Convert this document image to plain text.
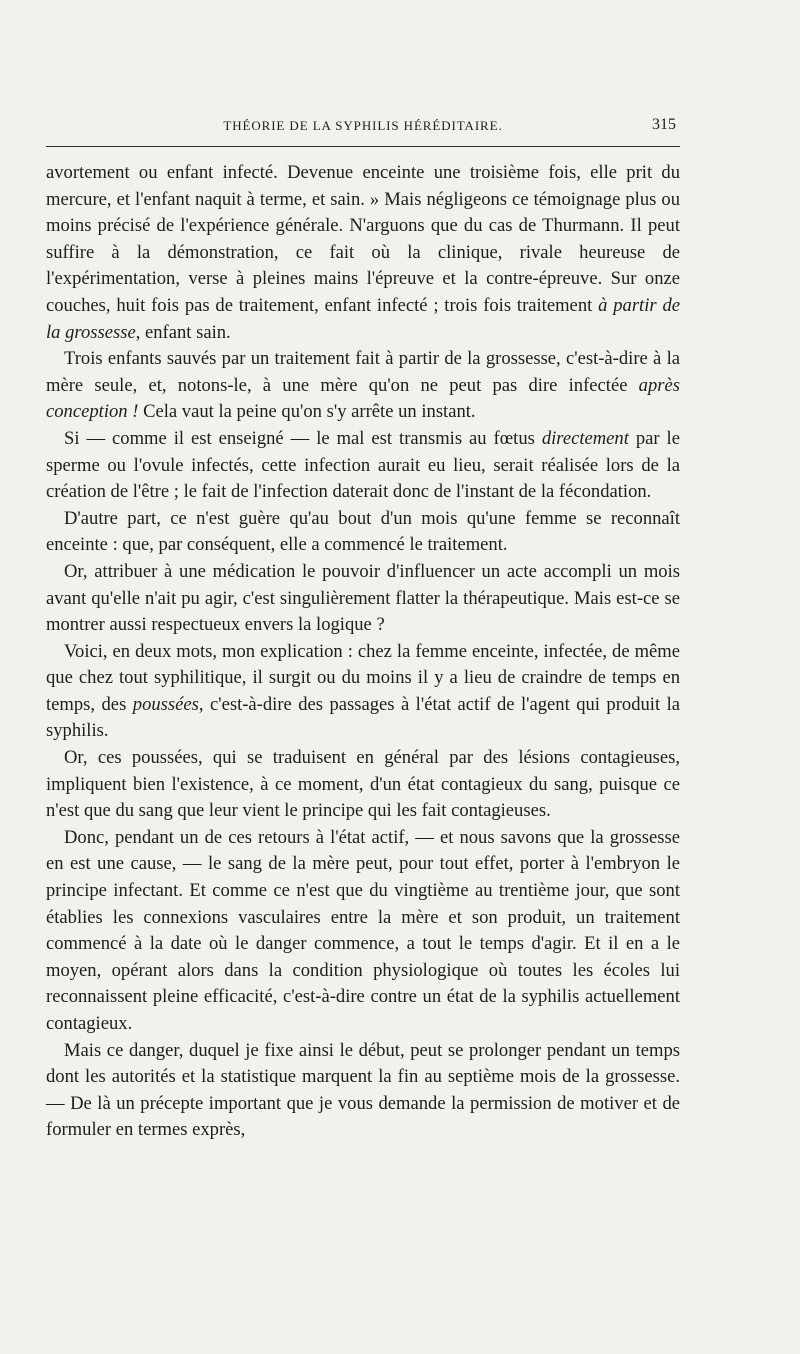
THÉORIE DE LA SYPHILIS HÉRÉDITAIRE.	315

avortement ou enfant infecté. Devenue enceinte une troisième fois, elle prit du mercure, et l'enfant naquit à terme, et sain. » Mais négligeons ce témoignage plus ou moins précisé de l'expérience générale. N'arguons que du cas de Thurmann. Il peut suffire à la démonstration, ce fait où la clinique, rivale heureuse de l'expérimentation, verse à pleines mains l'épreuve et la contre-épreuve. Sur onze couches, huit fois pas de traitement, enfant infecté ; trois fois traitement à partir de la grossesse, enfant sain.

Trois enfants sauvés par un traitement fait à partir de la grossesse, c'est-à-dire à la mère seule, et, notons-le, à une mère qu'on ne peut pas dire infectée après conception ! Cela vaut la peine qu'on s'y arrête un instant.

Si — comme il est enseigné — le mal est transmis au fœtus directement par le sperme ou l'ovule infectés, cette infection aurait eu lieu, serait réalisée lors de la création de l'être ; le fait de l'infection daterait donc de l'instant de la fécondation.

D'autre part, ce n'est guère qu'au bout d'un mois qu'une femme se reconnaît enceinte : que, par conséquent, elle a commencé le traitement.

Or, attribuer à une médication le pouvoir d'influencer un acte accompli un mois avant qu'elle n'ait pu agir, c'est singulièrement flatter la thérapeutique. Mais est-ce se montrer aussi respectueux envers la logique ?

Voici, en deux mots, mon explication : chez la femme enceinte, infectée, de même que chez tout syphilitique, il surgit ou du moins il y a lieu de craindre de temps en temps, des poussées, c'est-à-dire des passages à l'état actif de l'agent qui produit la syphilis.

Or, ces poussées, qui se traduisent en général par des lésions contagieuses, impliquent bien l'existence, à ce moment, d'un état contagieux du sang, puisque ce n'est que du sang que leur vient le principe qui les fait contagieuses.

Donc, pendant un de ces retours à l'état actif, — et nous savons que la grossesse en est une cause, — le sang de la mère peut, pour tout effet, porter à l'embryon le principe infectant. Et comme ce n'est que du vingtième au trentième jour, que sont établies les connexions vasculaires entre la mère et son produit, un traitement commencé à la date où le danger commence, a tout le temps d'agir. Et il en a le moyen, opérant alors dans la condition physiologique où toutes les écoles lui reconnaissent pleine efficacité, c'est-à-dire contre un état de la syphilis actuellement contagieux.

Mais ce danger, duquel je fixe ainsi le début, peut se prolonger pendant un temps dont les autorités et la statistique marquent la fin au septième mois de la grossesse. — De là un précepte important que je vous demande la permission de motiver et de formuler en termes exprès,
